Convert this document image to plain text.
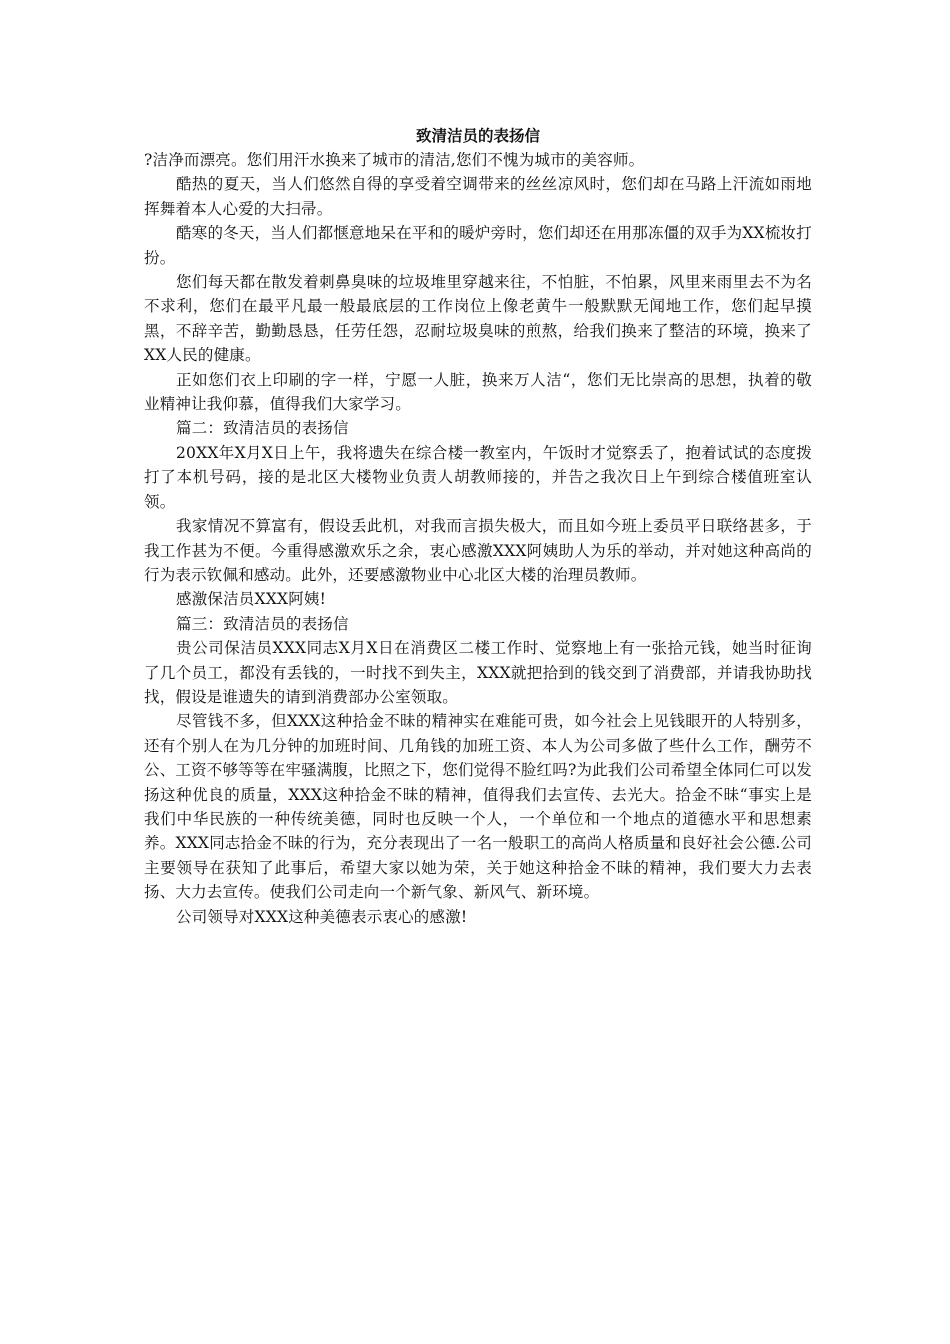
致清洁员的表扬信

?洁净而漂亮。您们用汗水换来了城市的清洁,您们不愧为城市的美容师。

酷热的夏天，当人们悠然自得的享受着空调带来的丝丝凉风时，您们却在马路上汗流如雨地挥舞着本人心爱的大扫帚。

酷寒的冬天，当人们都惬意地呆在平和的暖炉旁时，您们却还在用那冻僵的双手为XX梳妆打扮。

您们每天都在散发着刺鼻臭味的垃圾堆里穿越来往，不怕脏，不怕累，风里来雨里去不为名不求利，您们在最平凡最一般最底层的工作岗位上像老黄牛一般默默无闻地工作，您们起早摸黑，不辞辛苦，勤勤恳恳，任劳任怨，忍耐垃圾臭味的煎熬，给我们换来了整洁的环境，换来了XX人民的健康。

正如您们衣上印刷的字一样，宁愿一人脏，换来万人洁“，您们无比崇高的思想，执着的敬业精神让我仰慕，值得我们大家学习。

篇二：致清洁员的表扬信

20XX年X月X日上午，我将遗失在综合楼一教室内，午饭时才觉察丢了，抱着试试的态度拨打了本机号码，接的是北区大楼物业负责人胡教师接的，并告之我次日上午到综合楼值班室认领。

我家情况不算富有，假设丢此机，对我而言损失极大，而且如今班上委员平日联络甚多，于我工作甚为不便。今重得感激欢乐之余，衷心感激XXX阿姨助人为乐的举动，并对她这种高尚的行为表示钦佩和感动。此外，还要感激物业中心北区大楼的治理员教师。

感激保洁员XXX阿姨!

篇三：致清洁员的表扬信

贵公司保洁员XXX同志X月X日在消费区二楼工作时、觉察地上有一张拾元钱，她当时征询了几个员工，都没有丢钱的，一时找不到失主，XXX就把拾到的钱交到了消费部，并请我协助找找，假设是谁遗失的请到消费部办公室领取。

尽管钱不多，但XXX这种拾金不昧的精神实在难能可贵，如今社会上见钱眼开的人特别多，还有个别人在为几分钟的加班时间、几角钱的加班工资、本人为公司多做了些什么工作，酬劳不公、工资不够等等在牢骚满腹，比照之下，您们觉得不脸红吗?为此我们公司希望全体同仁可以发扬这种优良的质量，XXX这种拾金不昧的精神，值得我们去宣传、去光大。拾金不昧“事实上是我们中华民族的一种传统美德，同时也反映一个人，一个单位和一个地点的道德水平和思想素养。XXX同志拾金不昧的行为，充分表现出了一名一般职工的高尚人格质量和良好社会公德.公司主要领导在获知了此事后，希望大家以她为荣，关于她这种拾金不昧的精神，我们要大力去表扬、大力去宣传。使我们公司走向一个新气象、新风气、新环境。

公司领导对XXX这种美德表示衷心的感激!
